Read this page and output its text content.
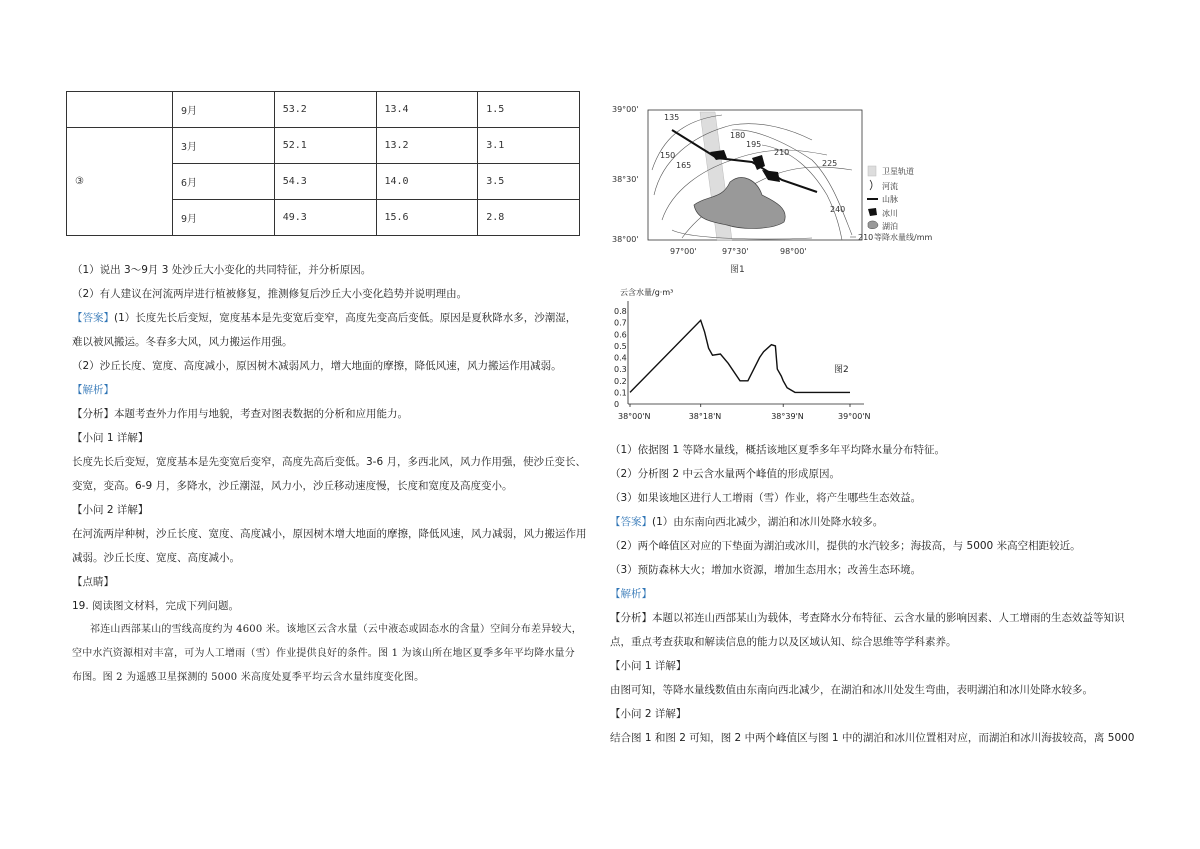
	9月	53.2	13.4	1.5
③	3月	52.1	13.2	3.1
	6月	54.3	14.0	3.5
	9月	49.3	15.6	2.8
（1）说出 3～9月 3 处沙丘大小变化的共同特征，并分析原因。
（2）有人建议在河流两岸进行植被修复，推测修复后沙丘大小变化趋势并说明理由。
【答案】(1）长度先长后变短，宽度基本是先变宽后变窄，高度先变高后变低。原因是夏秋降水多，沙潮湿，
难以被风搬运。冬春多大风，风力搬运作用强。
（2）沙丘长度、宽度、高度减小，原因树木减弱风力，增大地面的摩擦，降低风速，风力搬运作用减弱。
【解析】
【分析】本题考查外力作用与地貌，考查对图表数据的分析和应用能力。
【小问 1 详解】
长度先长后变短，宽度基本是先变宽后变窄，高度先高后变低。3-6 月，多西北风，风力作用强，使沙丘变长、
变宽，变高。6-9 月，多降水，沙丘潮湿，风力小，沙丘移动速度慢，长度和宽度及高度变小。
【小问 2 详解】
在河流两岸种树，沙丘长度、宽度、高度减小，原因树木增大地面的摩擦，降低风速，风力减弱，风力搬运作用
减弱。沙丘长度、宽度、高度减小。
【点睛】
19. 阅读图文材料，完成下列问题。
祁连山西部某山的雪线高度约为 4600 米。该地区云含水量（云中液态或固态水的含量）空间分布差异较大，
空中水汽资源相对丰富，可为人工增雨（雪）作业提供良好的条件。图 1 为该山所在地区夏季多年平均降水量分
布图。图 2 为遥感卫星探测的 5000 米高度处夏季平均云含水量纬度变化图。
39°00'
38°30'
38°00'
97°00'	97°30'	98°00'
135
150
165
180
195
210
225
240
卫星轨道
河流
山脉
冰川
湖泊
210 等降水量线/mm
图1
云含水量/g·m³
图2
0.8
0.7
0.6
0.5
0.4
0.3
0.2
0.1
0
38°00'N	38°18'N	38°39'N	39°00'N
（1）依据图 1 等降水量线，概括该地区夏季多年平均降水量分布特征。
（2）分析图 2 中云含水量两个峰值的形成原因。
（3）如果该地区进行人工增雨（雪）作业，将产生哪些生态效益。
【答案】(1）由东南向西北减少，湖泊和冰川处降水较多。
（2）两个峰值区对应的下垫面为湖泊或冰川，提供的水汽较多；海拔高，与 5000 米高空相距较近。
（3）预防森林大火；增加水资源，增加生态用水；改善生态环境。
【解析】
【分析】本题以祁连山西部某山为载体，考查降水分布特征、云含水量的影响因素、人工增雨的生态效益等知识
点，重点考查获取和解读信息的能力以及区域认知、综合思维等学科素养。
【小问 1 详解】
由图可知，等降水量线数值由东南向西北减少，在湖泊和冰川处发生弯曲，表明湖泊和冰川处降水较多。
【小问 2 详解】
结合图 1 和图 2 可知，图 2 中两个峰值区与图 1 中的湖泊和冰川位置相对应，而湖泊和冰川海拔较高，离 5000
